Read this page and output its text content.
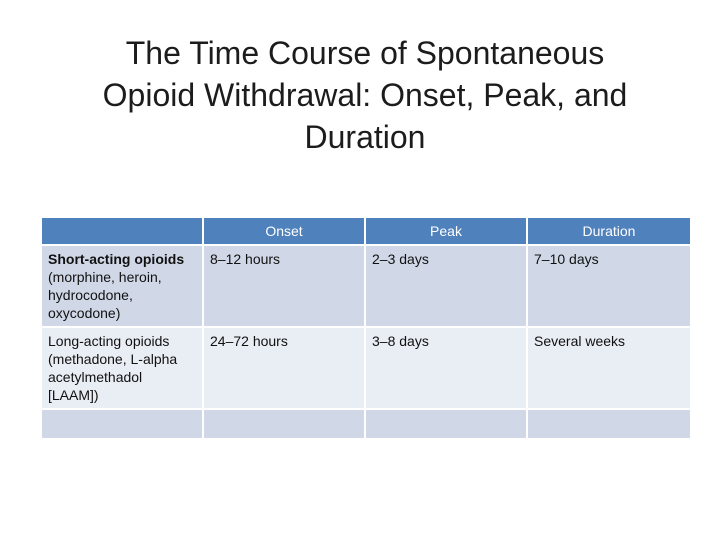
The Time Course of Spontaneous
Opioid Withdrawal: Onset, Peak, and
Duration
	Onset	Peak	Duration
Short-acting opioids (morphine, heroin, hydrocodone, oxycodone)	8–12 hours	2–3 days	7–10 days
Long-acting opioids (methadone, L-alpha acetylmethadol [LAAM])	24–72 hours	3–8 days	Several weeks
